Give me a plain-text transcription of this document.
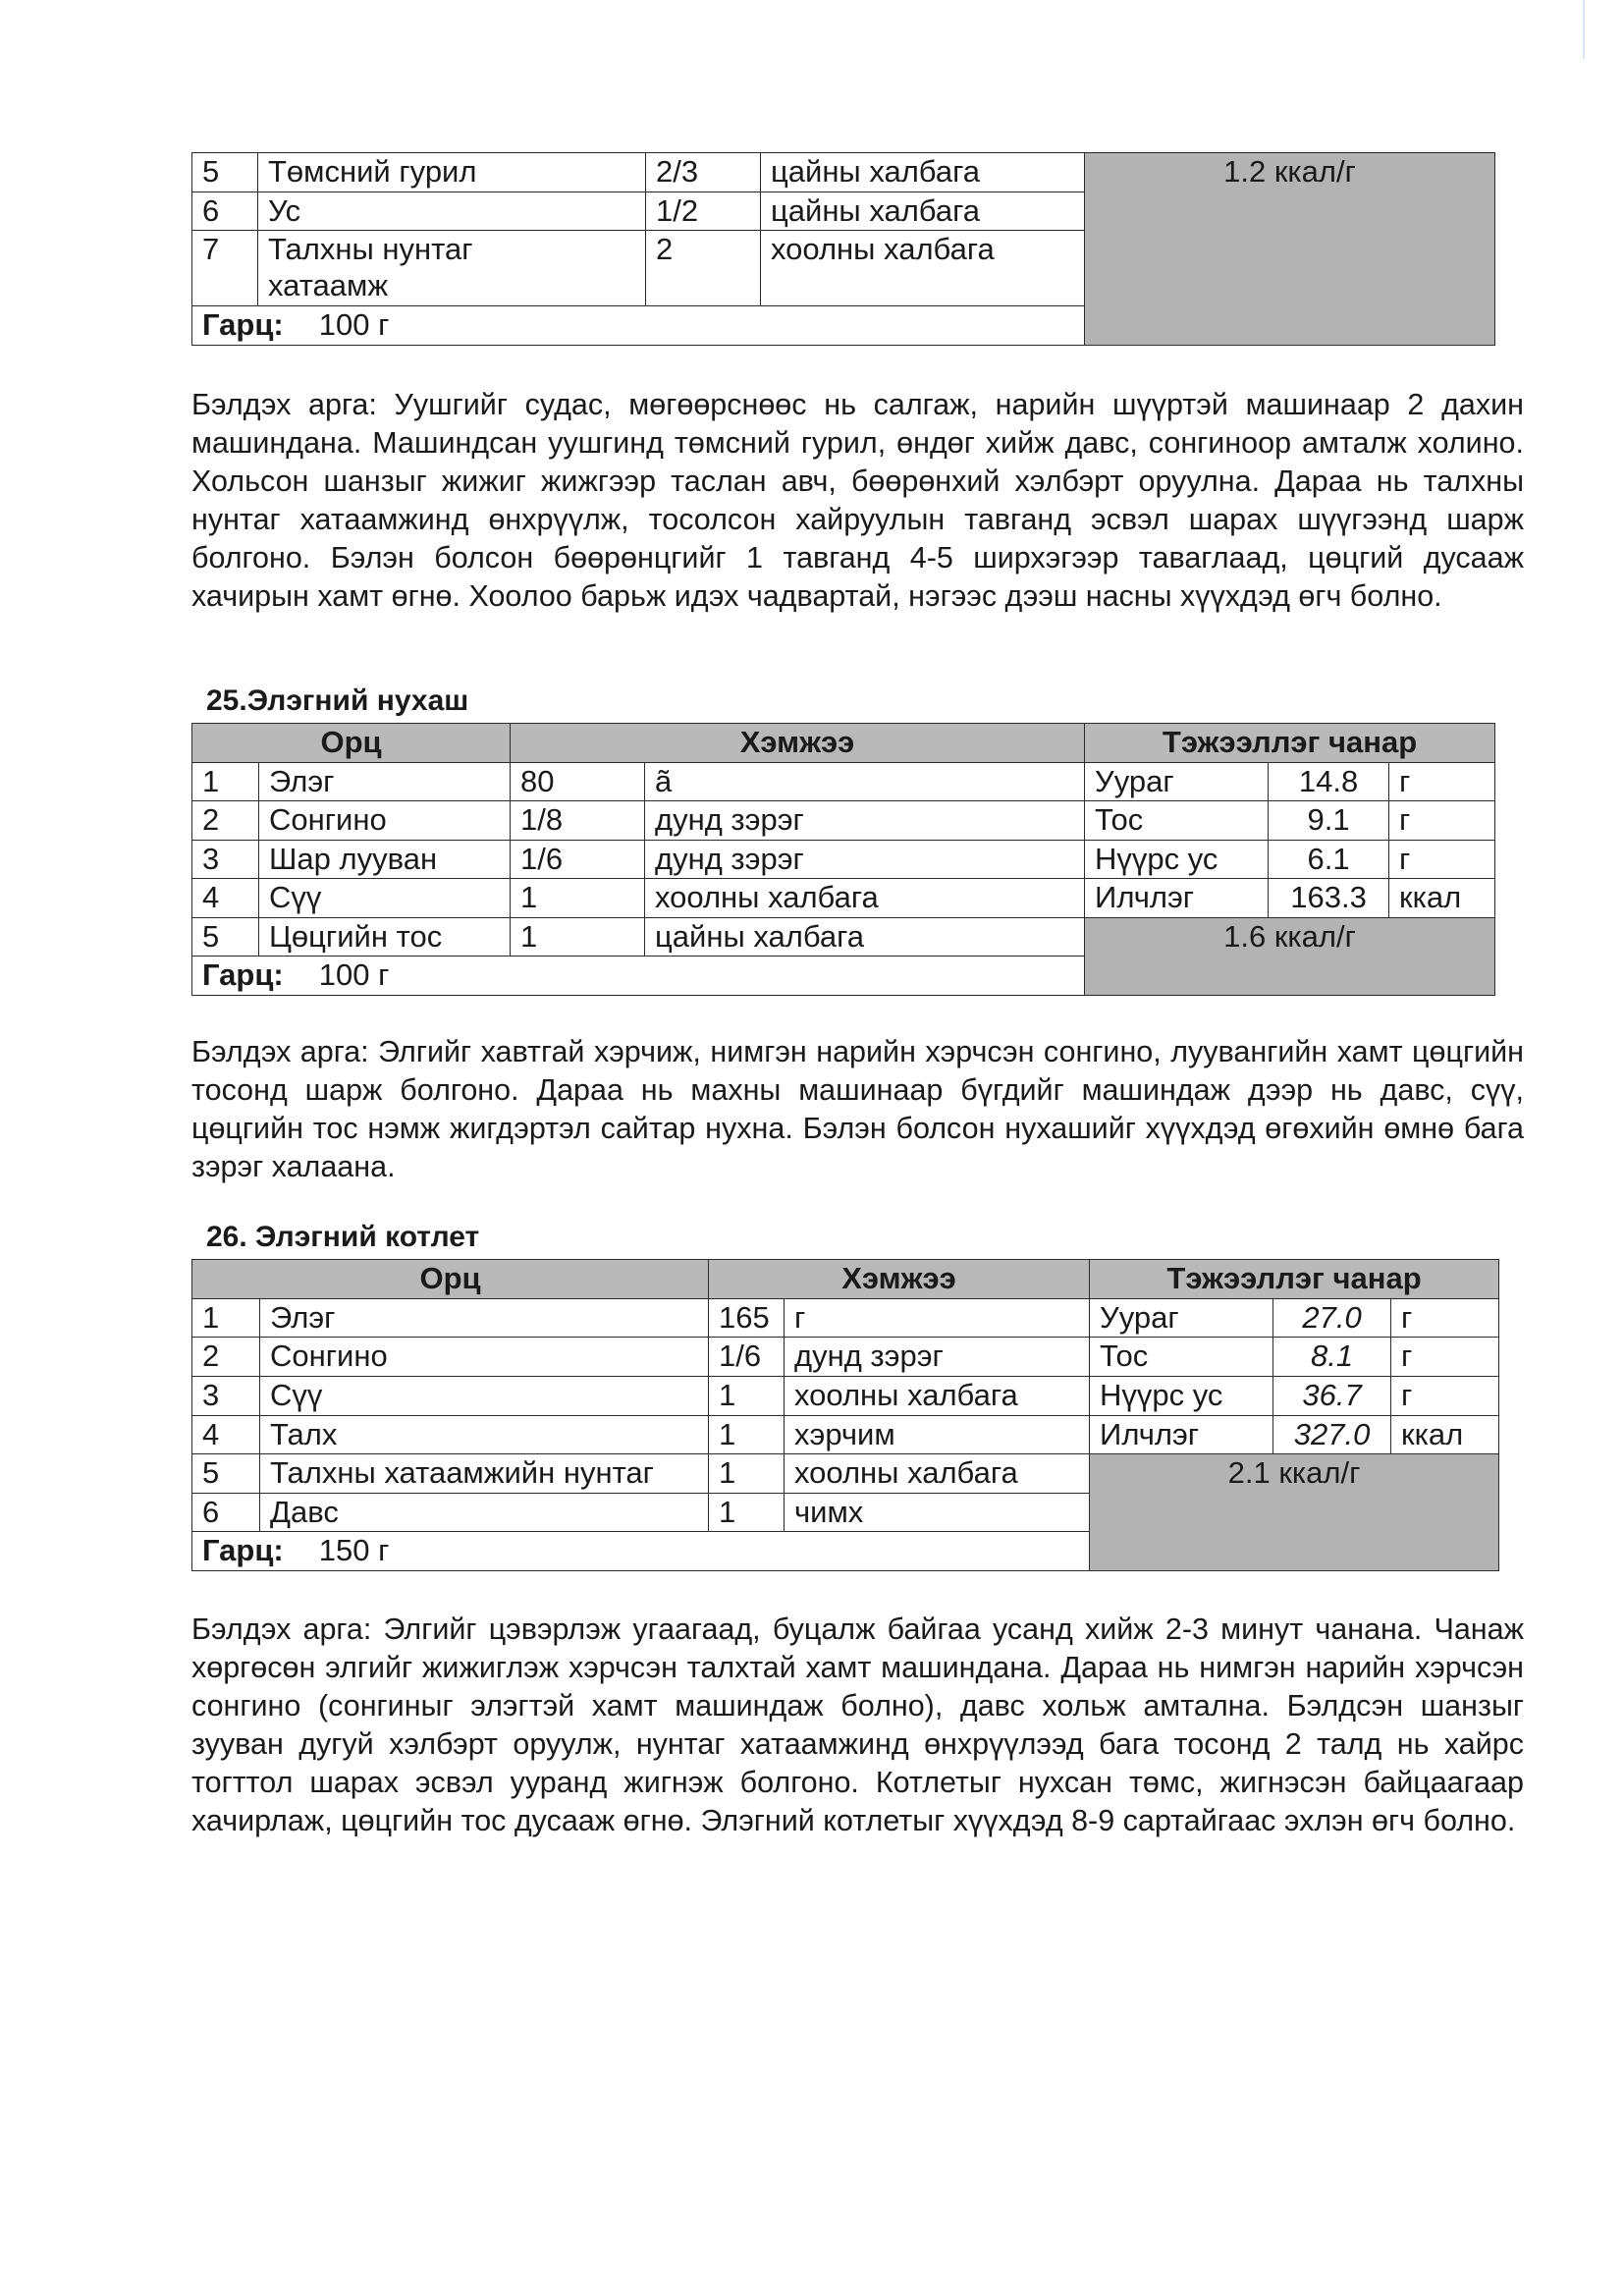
5	Төмсний гурил	2/3	цайны халбага	1.2 ккал/г
6	Ус	1/2	цайны халбага	
7	Талхны нунтаг хатаамж	2	хоолны халбага	
Гарц: 100 г				

Бэлдэх арга: Уушгийг судас, мөгөөрснөөс нь салгаж, нарийн шүүртэй машинаар 2 дахин машиндана. Машиндсан уушгинд төмсний гурил, өндөг хийж давс, сонгиноор амталж холино. Хольсон шанзыг жижиг жижгээр таслан авч, бөөрөнхий хэлбэрт оруулна. Дараа нь талхны нунтаг хатаамжинд өнхрүүлж, тосолсон хайруулын тавганд эсвэл шарах шүүгээнд шарж болгоно. Бэлэн болсон бөөрөнцгийг 1 тавганд 4-5 ширхэгээр таваглаад, цөцгий дусааж хачирын хамт өгнө. Хоолоо барьж идэх чадвартай, нэгээс дээш насны хүүхдэд өгч болно.

25.Элэгний нухаш
Орц		Хэмжээ		Тэжээллэг чанар		
1	Элэг	80	ã	Уураг	14.8	г
2	Сонгино	1/8	дунд зэрэг	Тос	9.1	г
3	Шар лууван	1/6	дунд зэрэг	Нүүрс ус	6.1	г
4	Сүү	1	хоолны халбага	Илчлэг	163.3	ккал
5	Цөцгийн тос	1	цайны халбага	1.6 ккал/г		
Гарц: 100 г						

Бэлдэх арга: Элгийг хавтгай хэрчиж, нимгэн нарийн хэрчсэн сонгино, луувангийн хамт цөцгийн тосонд шарж болгоно. Дараа нь махны машинаар бүгдийг машиндаж дээр нь давс, сүү, цөцгийн тос нэмж жигдэртэл сайтар нухна. Бэлэн болсон нухашийг хүүхдэд өгөхийн өмнө бага зэрэг халаана.

26. Элэгний котлет
Орц		Хэмжээ		Тэжээллэг чанар		
1	Элэг	165	г	Уураг	27.0	г
2	Сонгино	1/6	дунд зэрэг	Тос	8.1	г
3	Сүү	1	хоолны халбага	Нүүрс ус	36.7	г
4	Талх	1	хэрчим	Илчлэг	327.0	ккал
5	Талхны хатаамжийн нунтаг	1	хоолны халбага	2.1 ккал/г		
6	Давс	1	чимх			
Гарц: 150 г						

Бэлдэх арга: Элгийг цэвэрлэж угаагаад, буцалж байгаа усанд хийж 2-3 минут чанана. Чанаж хөргөсөн элгийг жижиглэж хэрчсэн талхтай хамт машиндана. Дараа нь нимгэн нарийн хэрчсэн сонгино (сонгиныг элэгтэй хамт машиндаж болно), давс хольж амтална. Бэлдсэн шанзыг зууван дугуй хэлбэрт оруулж, нунтаг хатаамжинд өнхрүүлээд бага тосонд 2 талд нь хайрс тогттол шарах эсвэл ууранд жигнэж болгоно. Котлетыг нухсан төмс, жигнэсэн байцаагаар хачирлаж, цөцгийн тос дусааж өгнө. Элэгний котлетыг хүүхдэд 8-9 сартайгаас эхлэн өгч болно.
